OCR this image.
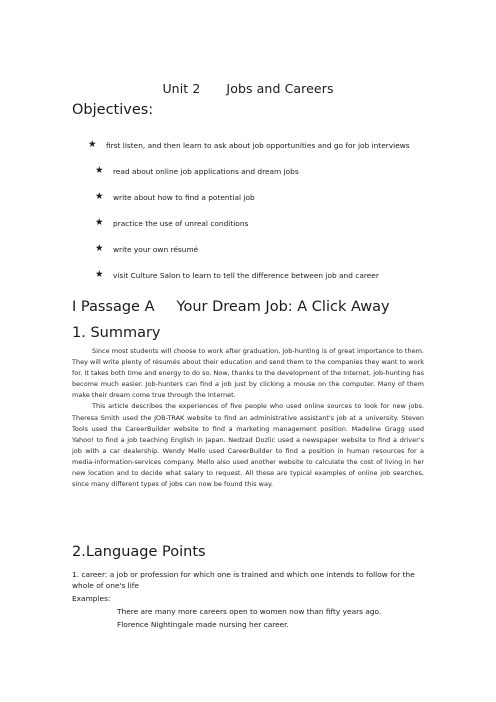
Unit 2 Jobs and Careers
Objectives:
★ first listen, and then learn to ask about job opportunities and go for job interviews
★ read about online job applications and dream jobs
★ write about how to find a potential job
★ practice the use of unreal conditions
★ write your own résumé
★ visit Culture Salon to learn to tell the difference between job and career
I Passage A Your Dream Job: A Click Away
1. Summary

Since most students will choose to work after graduation, job-hunting is of great importance to them. They will write plenty of résumés about their education and send them to the companies they want to work for. It takes both time and energy to do so. Now, thanks to the development of the Internet, job-hunting has become much easier. Job-hunters can find a job just by clicking a mouse on the computer. Many of them make their dream come true through the Internet.

This article describes the experiences of five people who used online sources to look for new jobs. Theresa Smith used the JOB-TRAK website to find an administrative assistant's job at a university. Steven Tools used the CareerBuilder website to find a marketing management position. Madeline Gragg used Yahoo! to find a job teaching English in Japan. Nedzad Dozlic used a newspaper website to find a driver's job with a car dealership. Wendy Mello used CareerBuilder to find a position in human resources for a media-information-services company. Mello also used another website to calculate the cost of living in her new location and to decide what salary to request. All these are typical examples of online job searches, since many different types of jobs can now be found this way.

2.Language Points
1. career: a job or profession for which one is trained and which one intends to follow for the whole of one's life
Examples:
There are many more careers open to women now than fifty years ago.
Florence Nightingale made nursing her career.
